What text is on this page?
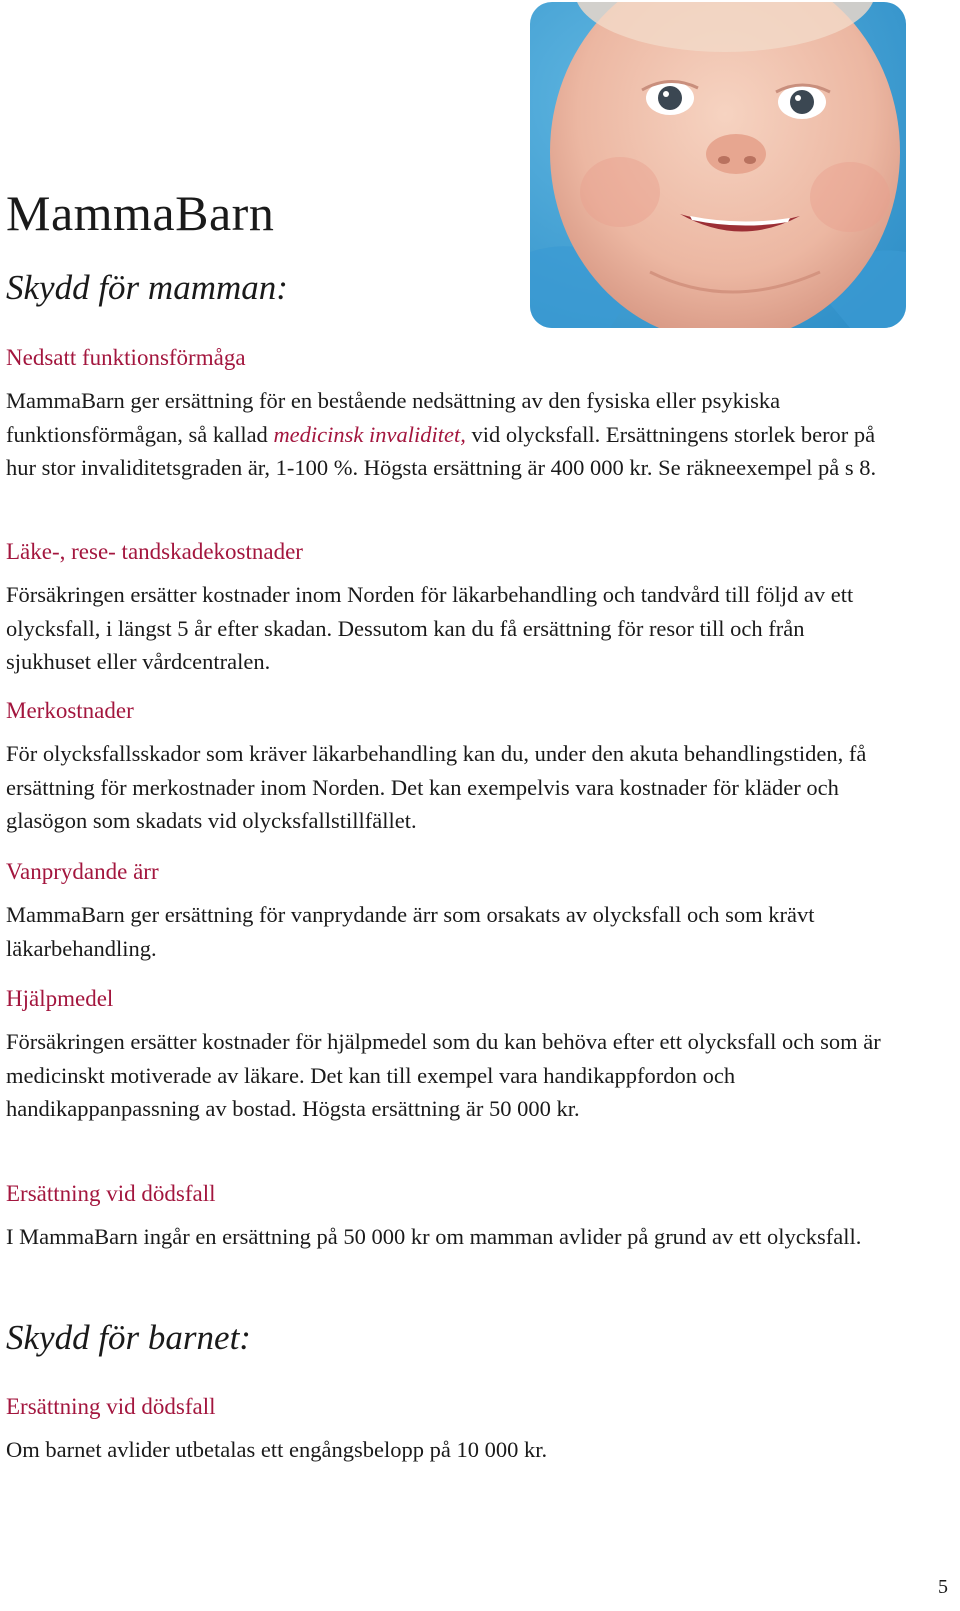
MammaBarn
Skydd för mamman:
Nedsatt funktionsförmåga

MammaBarn ger ersättning för en bestående nedsättning av den fysiska eller psykiska funktionsförmågan, så kallad medicinsk invaliditet, vid olycksfall. Ersättningens storlek beror på hur stor invaliditetsgraden är, 1-100 %. Högsta ersättning är 400 000 kr. Se räkneexempel på s 8.

Läke-, rese- tandskadekostnader

Försäkringen ersätter kostnader inom Norden för läkarbehandling och tandvård till följd av ett olycksfall, i längst 5 år efter skadan. Dessutom kan du få ersättning för resor till och från sjukhuset eller vårdcentralen.

Merkostnader

För olycksfallsskador som kräver läkarbehandling kan du, under den akuta behandlingstiden, få ersättning för merkostnader inom Norden. Det kan exempelvis vara kostnader för kläder och glasögon som skadats vid olycksfallstillfället.

Vanprydande ärr

MammaBarn ger ersättning för vanprydande ärr som orsakats av olycksfall och som krävt läkarbehandling.

Hjälpmedel

Försäkringen ersätter kostnader för hjälpmedel som du kan behöva efter ett olycksfall och som är medicinskt motiverade av läkare. Det kan till exempel vara handikappfordon och handikappanpassning av bostad. Högsta ersättning är 50 000 kr.

Ersättning vid dödsfall

I MammaBarn ingår en ersättning på 50 000 kr om mamman avlider på grund av ett olycksfall.

Skydd för barnet:
Ersättning vid dödsfall

Om barnet avlider utbetalas ett engångsbelopp på 10 000 kr.

5
